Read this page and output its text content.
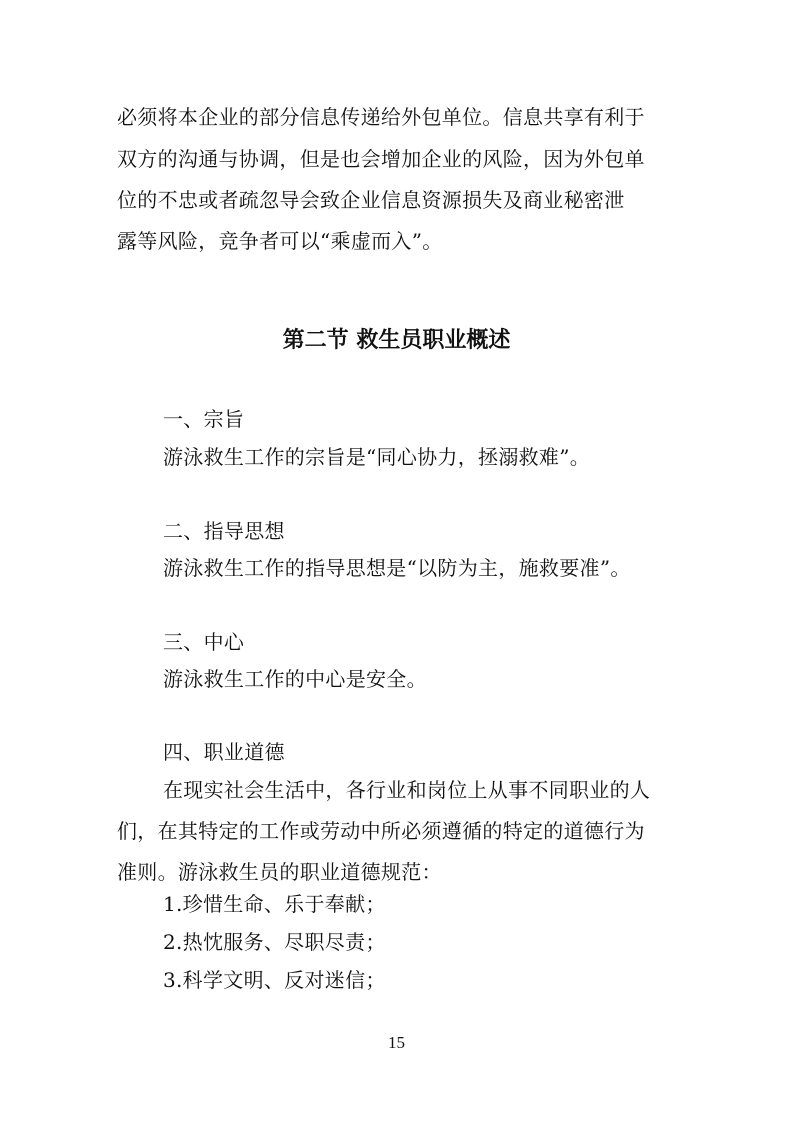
必须将本企业的部分信息传递给外包单位。信息共享有利于
双方的沟通与协调，但是也会增加企业的风险，因为外包单
位的不忠或者疏忽导会致企业信息资源损失及商业秘密泄
露等风险，竞争者可以“乘虚而入”。
第二节 救生员职业概述
一、宗旨
游泳救生工作的宗旨是“同心协力，拯溺救难”。
二、指导思想
游泳救生工作的指导思想是“以防为主，施救要准”。
三、中心
游泳救生工作的中心是安全。
四、职业道德
在现实社会生活中，各行业和岗位上从事不同职业的人
们，在其特定的工作或劳动中所必须遵循的特定的道德行为
准则。游泳救生员的职业道德规范：
1.珍惜生命、乐于奉献；
2.热忱服务、尽职尽责；
3.科学文明、反对迷信；
15
